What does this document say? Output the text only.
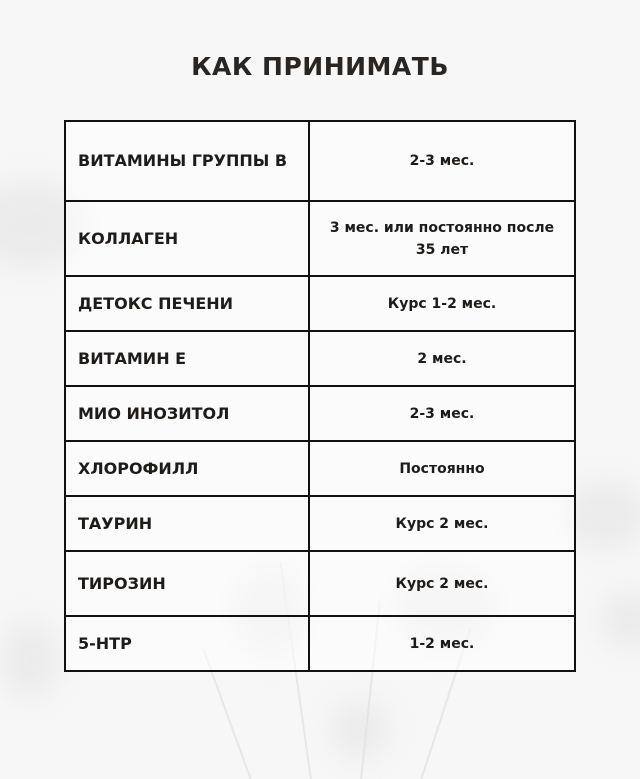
КАК ПРИНИМАТЬ
ВИТАМИНЫ ГРУППЫ В	2-3 мес.
КОЛЛАГЕН	3 мес. или постоянно после 35 лет
ДЕТОКС ПЕЧЕНИ	Курс 1-2 мес.
ВИТАМИН Е	2 мес.
МИО ИНОЗИТОЛ	2-3 мес.
ХЛОРОФИЛЛ	Постоянно
ТАУРИН	Курс 2 мес.
ТИРОЗИН	Курс 2 мес.
5-HTP	1-2 мес.
